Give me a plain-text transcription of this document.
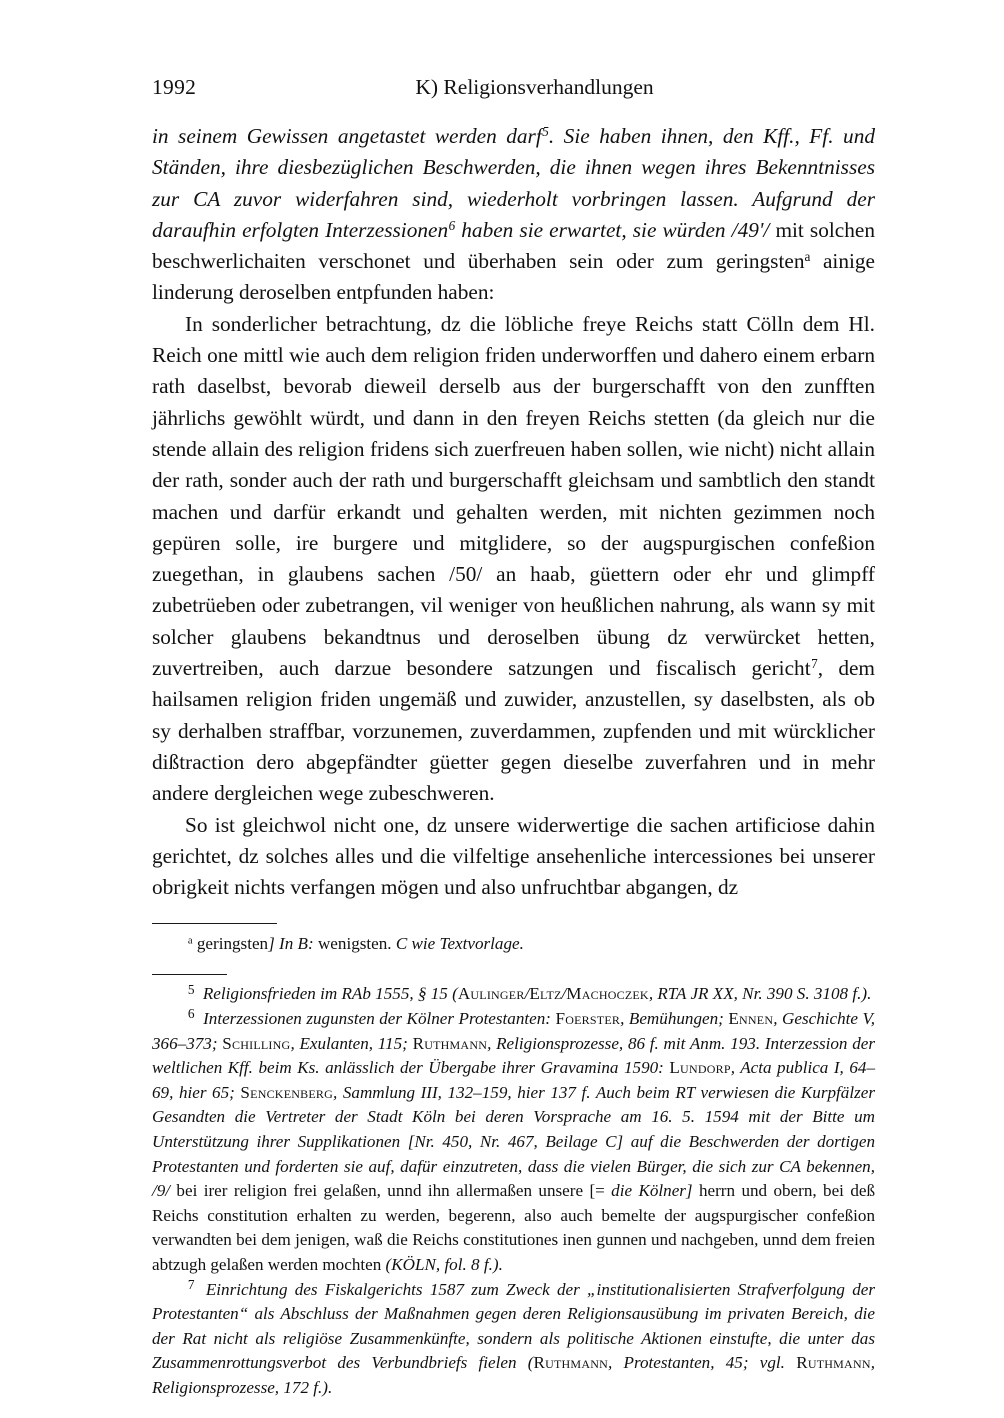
1992	K) Religionsverhandlungen

in seinem Gewissen angetastet werden darf$^5$. Sie haben ihnen, den Kff., Ff. und Ständen, ihre diesbezüglichen Beschwerden, die ihnen wegen ihres Bekenntnisses zur CA zuvor widerfahren sind, wiederholt vorbringen lassen. Aufgrund der daraufhin erfolgten Interzessionen$^6$ haben sie erwartet, sie würden /49'/ mit solchen beschwerlichaiten verschonet und überhaben sein oder zum geringsten$^a$ ainige linderung deroselben entpfunden haben:

In sonderlicher betrachtung, dz die löbliche freye Reichs statt Cölln dem Hl. Reich one mittl wie auch dem religion friden underworffen und dahero einem erbarn rath daselbst, bevorab dieweil derselb aus der burgerschafft von den zunfften jährlichs gewöhlt würdt, und dann in den freyen Reichs stetten (da gleich nur die stende allain des religion fridens sich zuerfreuen haben sollen, wie nicht) nicht allain der rath, sonder auch der rath und burgerschafft gleichsam und sambtlich den standt machen und darfür erkandt und gehalten werden, mit nichten gezimmen noch gepüren solle, ire burgere und mitglidere, so der augspurgischen confeßion zuegethan, in glaubens sachen /50/ an haab, güettern oder ehr und glimpff zubetrüeben oder zubetrangen, vil weniger von heußlichen nahrung, als wann sy mit solcher glaubens bekandtnus und deroselben übung dz verwürcket hetten, zuvertreiben, auch darzue besondere satzungen und fiscalisch gericht$^7$, dem hailsamen religion friden ungemäß und zuwider, anzustellen, sy daselbsten, als ob sy derhalben straffbar, vorzunemen, zuverdammen, zupfenden und mit würcklicher dißtraction dero abgepfändter güetter gegen dieselbe zuverfahren und in mehr andere dergleichen wege zubeschweren.

So ist gleichwol nicht one, dz unsere widerwertige die sachen artificiose dahin gerichtet, dz solches alles und die vilfeltige ansehenliche intercessiones bei unserer obrigkeit nichts verfangen mögen und also unfruchtbar abgangen, dz

$^a$ geringsten] In B: wenigsten. C wie Textvorlage.
$^5$ Religionsfrieden im RAb 1555, § 15 (Aulinger/Eltz/Machoczek, RTA JR XX, Nr. 390 S. 3108 f.).
$^6$ Interzessionen zugunsten der Kölner Protestanten: Foerster, Bemühungen; Ennen, Geschichte V, 366–373; Schilling, Exulanten, 115; Ruthmann, Religionsprozesse, 86 f. mit Anm. 193. Interzession der weltlichen Kff. beim Ks. anlässlich der Übergabe ihrer Gravamina 1590: Lundorp, Acta publica I, 64–69, hier 65; Senckenberg, Sammlung III, 132–159, hier 137 f. Auch beim RT verwiesen die Kurpfälzer Gesandten die Vertreter der Stadt Köln bei deren Vorsprache am 16. 5. 1594 mit der Bitte um Unterstützung ihrer Supplikationen [Nr. 450, Nr. 467, Beilage C] auf die Beschwerden der dortigen Protestanten und forderten sie auf, dafür einzutreten, dass die vielen Bürger, die sich zur CA bekennen, /9/ bei irer religion frei gelaßen, unnd ihn allermaßen unsere [= die Kölner] herrn und obern, bei deß Reichs constitution erhalten zu werden, begerenn, also auch bemelte der augspurgischer confeßion verwandten bei dem jenigen, waß die Reichs constitutiones inen gunnen und nachgeben, unnd dem freien abtzugh gelaßen werden mochten (KÖLN, fol. 8 f.).
$^7$ Einrichtung des Fiskalgerichts 1587 zum Zweck der „institutionalisierten Strafverfolgung der Protestanten“ als Abschluss der Maßnahmen gegen deren Religionsausübung im privaten Bereich, die der Rat nicht als religiöse Zusammenkünfte, sondern als politische Aktionen einstufte, die unter das Zusammenrottungsverbot des Verbundbriefs fielen (Ruthmann, Protestanten, 45; vgl. Ruthmann, Religionsprozesse, 172 f.).
